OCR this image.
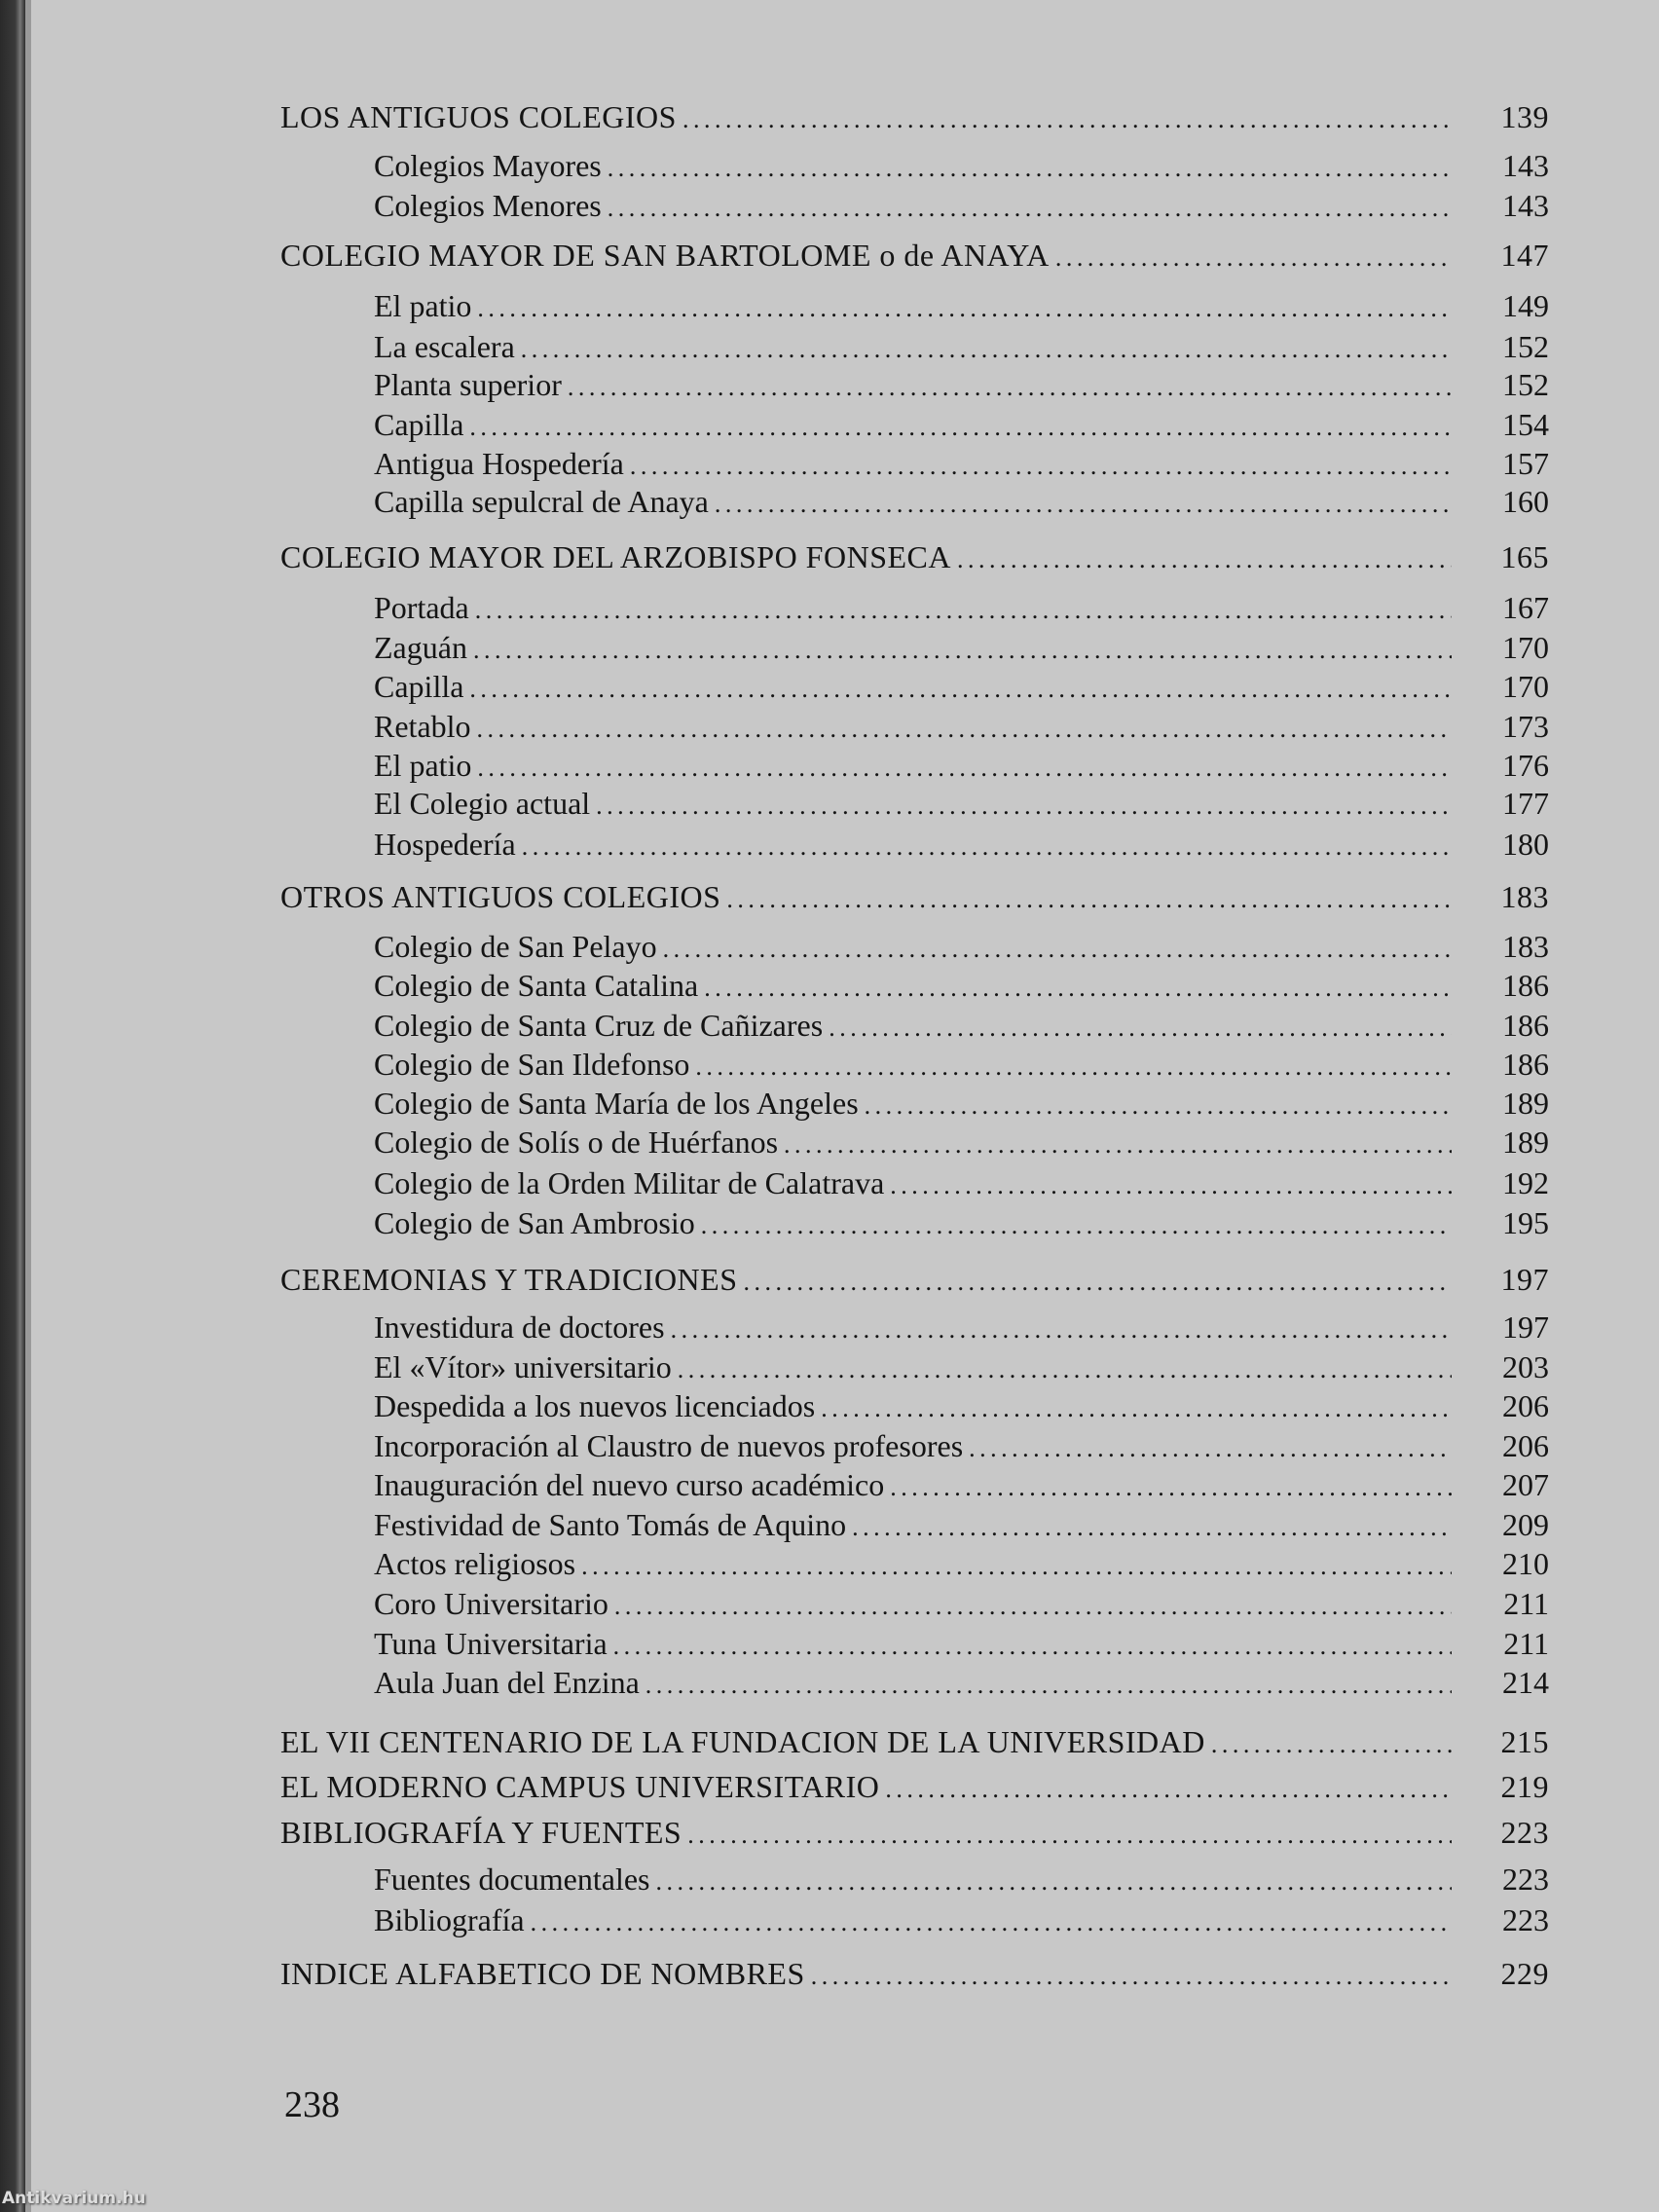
LOS ANTIGUOS COLEGIOS . . .	139
Colegios Mayores . . .	143
Colegios Menores . . .	143
COLEGIO MAYOR DE SAN BARTOLOME o de ANAYA . . .	147
El patio . . .	149
La escalera . . .	152
Planta superior . . .	152
Capilla . . .	154
Antigua Hospedería . . .	157
Capilla sepulcral de Anaya . . .	160
COLEGIO MAYOR DEL ARZOBISPO FONSECA . . .	165
Portada . . .	167
Zaguán . . .	170
Capilla . . .	170
Retablo . . .	173
El patio . . .	176
El Colegio actual . . .	177
Hospedería . . .	180
OTROS ANTIGUOS COLEGIOS . . .	183
Colegio de San Pelayo . . .	183
Colegio de Santa Catalina . . .	186
Colegio de Santa Cruz de Cañizares . . .	186
Colegio de San Ildefonso . . .	186
Colegio de Santa María de los Angeles . . .	189
Colegio de Solís o de Huérfanos . . .	189
Colegio de la Orden Militar de Calatrava . . .	192
Colegio de San Ambrosio . . .	195
CEREMONIAS Y TRADICIONES . . .	197
Investidura de doctores . . .	197
El «Vítor» universitario . . .	203
Despedida a los nuevos licenciados . . .	206
Incorporación al Claustro de nuevos profesores . . .	206
Inauguración del nuevo curso académico . . .	207
Festividad de Santo Tomás de Aquino . . .	209
Actos religiosos . . .	210
Coro Universitario . . .	211
Tuna Universitaria . . .	211
Aula Juan del Enzina . . .	214
EL VII CENTENARIO DE LA FUNDACION DE LA UNIVERSIDAD . . .	215
EL MODERNO CAMPUS UNIVERSITARIO . . .	219
BIBLIOGRAFÍA Y FUENTES . . .	223
Fuentes documentales . . .	223
Bibliografía . . .	223
INDICE ALFABETICO DE NOMBRES . . .	229
238
Antikvarium.hu
